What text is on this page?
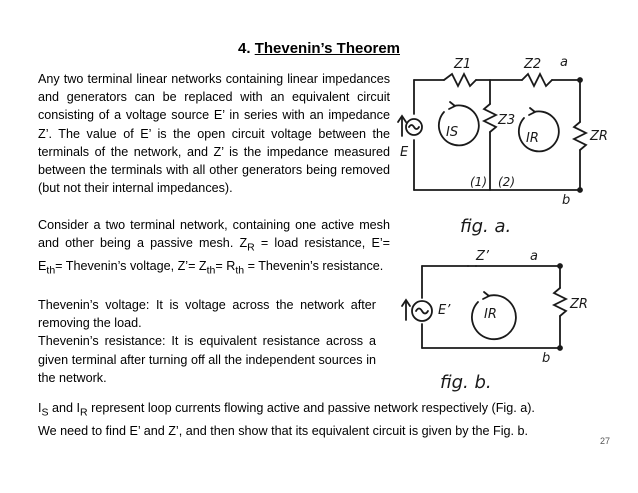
4. Thevenin’s Theorem
Any two terminal linear networks containing linear impedances and generators can be replaced with an equivalent circuit consisting of a voltage source E’ in series with an impedance Z’. The value of E’ is the open circuit voltage between the terminals of the network, and Z’ is the impedance measured between the terminals with all other generators being removed (but not their internal impedances).
Consider a two terminal network, containing one active mesh and other being a passive mesh. $Z_R$ = load resistance, E’= $E_{th}=$ Thevenin’s voltage, Z’= $Z_{th}= R_{th}$ = Thevenin’s resistance.
Thevenin’s voltage: It is voltage across the network after removing the load.
Thevenin’s resistance: It is equivalent resistance across a given terminal after turning off all the independent sources in the network.
$I_S$ and $I_R$ represent loop currents flowing active and passive network respectively (Fig. a). We need to find E’ and Z’, and then show that its equivalent circuit is given by the Fig. b.
27
Z1	Z2 a
Z3
ZR
IS	IR
E
(1) (2)
b
fig. a.
Z’	a
E’	IR
ZR
b
fig. b.
